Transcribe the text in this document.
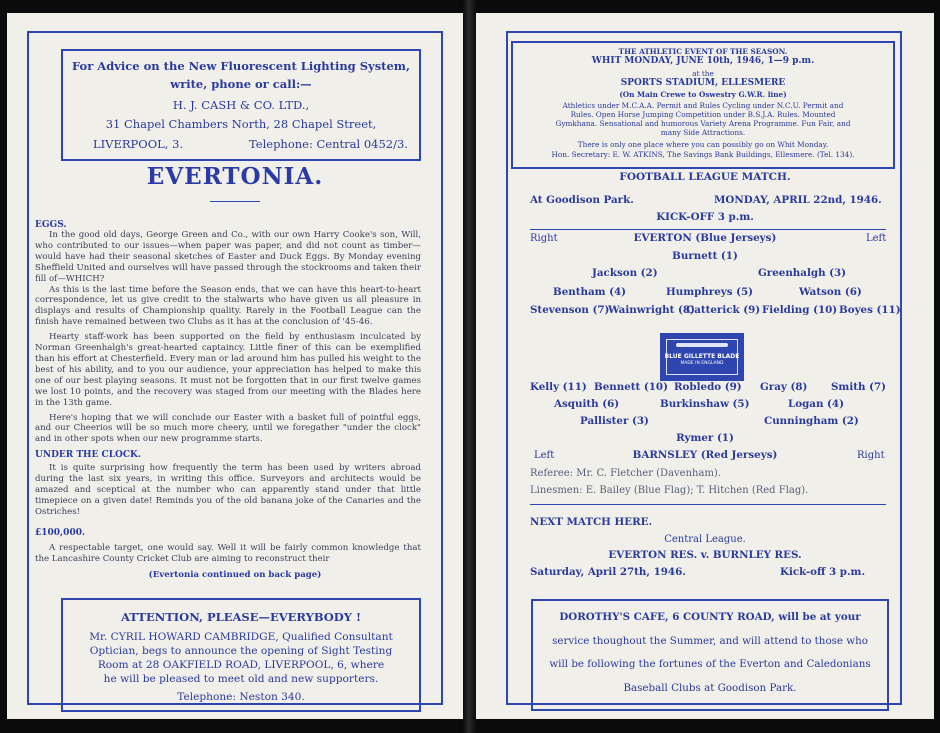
For Advice on the New Fluorescent Lighting System,

write, phone or call:—

H. J. CASH & CO. LTD.,

31 Chapel Chambers North, 28 Chapel Street,

LIVERPOOL, 3.	Telephone: Central 0452/3.

EVERTONIA.
EGGS.
In the good old days, George Green and Co., with our own Harry Cooke's son, Will, who contributed to our issues—when paper was paper, and did not count as timber—would have had their seasonal sketches of Easter and Duck Eggs. By Monday evening Sheffield United and ourselves will have passed through the stockrooms and taken their fill of—WHICH?
As this is the last time before the Season ends, that we can have this heart-to-heart correspondence, let us give credit to the stalwarts who have given us all pleasure in displays and results of Championship quality. Rarely in the Football League can the finish have remained between two Clubs as it has at the conclusion of '45-46.
Hearty staff-work has been supported on the field by enthusiasm inculcated by Norman Greenhalgh's great-hearted captaincy. Little finer of this can be exemplified than his effort at Chesterfield. Every man or lad around him has pulled his weight to the best of his ability, and to you our audience, your appreciation has helped to make this one of our best playing seasons. It must not be forgotten that in our first twelve games we lost 10 points, and the recovery was staged from our meeting with the Blades here in the 13th game.
Here's hoping that we will conclude our Easter with a basket full of pointful eggs, and our Cheerios will be so much more cheery, until we foregather "under the clock" and in other spots when our new programme starts.
UNDER THE CLOCK.
It is quite surprising how frequently the term has been used by writers abroad during the last six years, in writing this office. Surveyors and architects would be amazed and sceptical at the number who can apparently stand under that little timepiece on a given date! Reminds you of the old banana joke of the Canaries and the Ostriches!
£100,000.
A respectable target, one would say. Well it will be fairly common knowledge that the Lancashire County Cricket Club are aiming to reconstruct their
(Evertonia continued on back page)

ATTENTION, PLEASE—EVERYBODY !

Mr. CYRIL HOWARD CAMBRIDGE, Qualified Consultant

Optician, begs to announce the opening of Sight Testing

Room at 28 OAKFIELD ROAD, LIVERPOOL, 6, where

he will be pleased to meet old and new supporters.

Telephone: Neston 340.

THE ATHLETIC EVENT OF THE SEASON.

WHIT MONDAY, JUNE 10th, 1946, 1—9 p.m.

at the

SPORTS STADIUM, ELLESMERE

(On Main Crewe to Oswestry G.W.R. line)

Athletics under M.C.A.A. Permit and Rules Cycling under N.C.U. Permit and

Rules. Open Horse Jumping Competition under B.S.J.A. Rules. Mounted

Gymkhana. Sensational and humorous Variety Arena Programme. Fun Fair, and

many Side Attractions.

There is only one place where you can possibly go on Whit Monday.

Hon. Secretary: E. W. ATKINS, The Savings Bank Buildings, Ellesmere. (Tel. 134).

FOOTBALL LEAGUE MATCH.
At Goodison Park.	MONDAY, APRIL 22nd, 1946.
KICK-OFF 3 p.m.
Right	EVERTON (Blue Jerseys)	Left
Burnett (1)
Jackson (2)	Greenhalgh (3)
Bentham (4)	Humphreys (5)	Watson (6)
Stevenson (7)
Wainwright (8)
Catterick (9) Fielding (10) Boyes (11)
BLUE GILLETTE BLADE
MADE IN ENGLAND
Kelly (11) Bennett (10) Robledo (9) Gray (8) Smith (7)
Asquith (6)	Burkinshaw (5)	Logan (4)
Pallister (3)	Cunningham (2)
Rymer (1)
Left	BARNSLEY (Red Jerseys)	Right
Referee: Mr. C. Fletcher (Davenham).
Linesmen: E. Bailey (Blue Flag); T. Hitchen (Red Flag).
NEXT MATCH HERE.
Central League.
EVERTON RES. v. BURNLEY RES.
Saturday, April 27th, 1946.	Kick-off 3 p.m.

DOROTHY'S CAFE, 6 COUNTY ROAD, will be at your

service thoughout the Summer, and will attend to those who

will be following the fortunes of the Everton and Caledonians

Baseball Clubs at Goodison Park.
